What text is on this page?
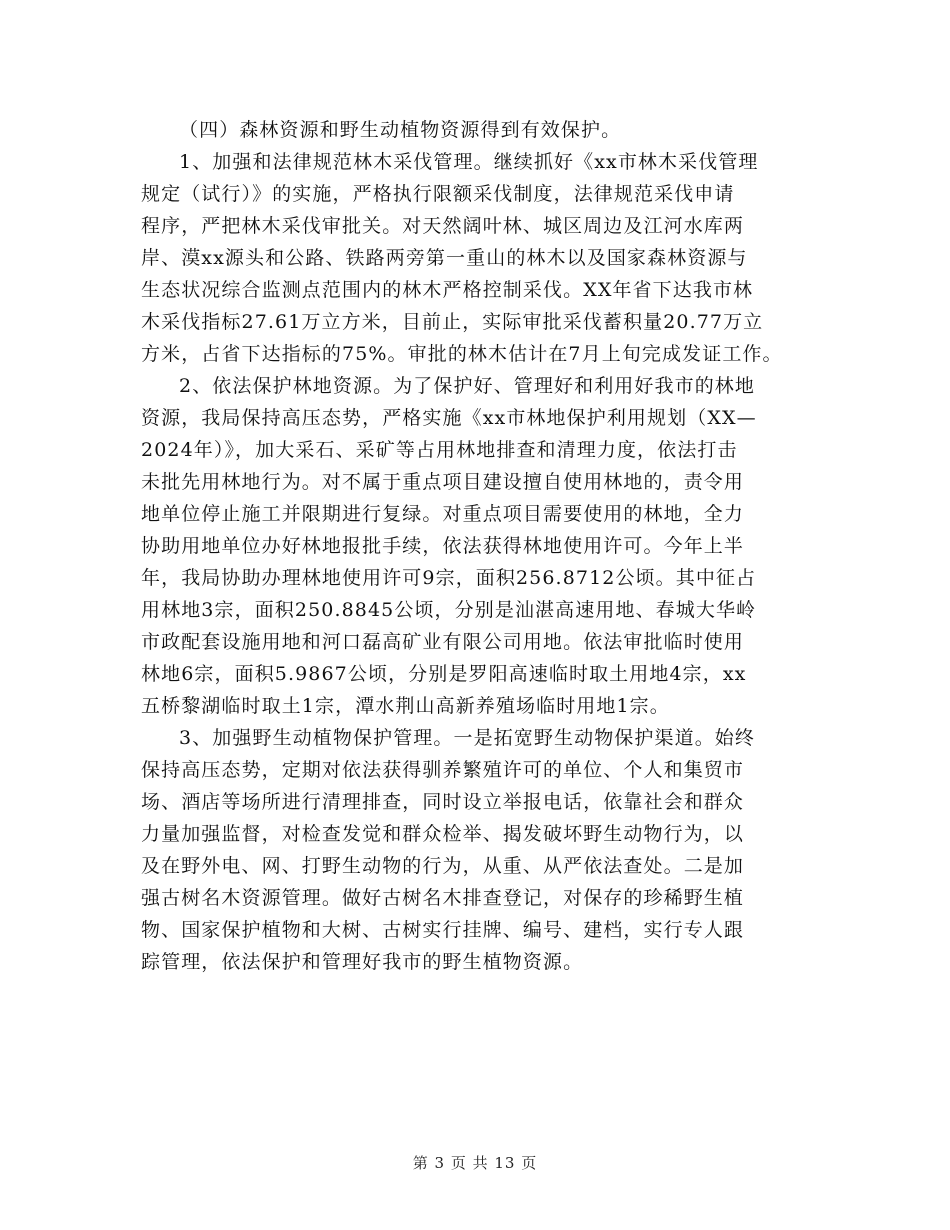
（四）森林资源和野生动植物资源得到有效保护。
1、加强和法律规范林木采伐管理。继续抓好《xx市林木采伐管理
规定（试行）》的实施，严格执行限额采伐制度，法律规范采伐申请
程序，严把林木采伐审批关。对天然阔叶林、城区周边及江河水库两
岸、漠xx源头和公路、铁路两旁第一重山的林木以及国家森林资源与
生态状况综合监测点范围内的林木严格控制采伐。XX年省下达我市林
木采伐指标27.61万立方米，目前止，实际审批采伐蓄积量20.77万立
方米，占省下达指标的75%。审批的林木估计在7月上旬完成发证工作。
2、依法保护林地资源。为了保护好、管理好和利用好我市的林地
资源，我局保持高压态势，严格实施《xx市林地保护利用规划（XX—
2024年）》，加大采石、采矿等占用林地排查和清理力度，依法打击
未批先用林地行为。对不属于重点项目建设擅自使用林地的，责令用
地单位停止施工并限期进行复绿。对重点项目需要使用的林地，全力
协助用地单位办好林地报批手续，依法获得林地使用许可。今年上半
年，我局协助办理林地使用许可9宗，面积256.8712公顷。其中征占
用林地3宗，面积250.8845公顷，分别是汕湛高速用地、春城大华岭
市政配套设施用地和河口磊高矿业有限公司用地。依法审批临时使用
林地6宗，面积5.9867公顷，分别是罗阳高速临时取土用地4宗，xx
五桥黎湖临时取土1宗，潭水荆山高新养殖场临时用地1宗。
3、加强野生动植物保护管理。一是拓宽野生动物保护渠道。始终
保持高压态势，定期对依法获得驯养繁殖许可的单位、个人和集贸市
场、酒店等场所进行清理排查，同时设立举报电话，依靠社会和群众
力量加强监督，对检查发觉和群众检举、揭发破坏野生动物行为，以
及在野外电、网、打野生动物的行为，从重、从严依法查处。二是加
强古树名木资源管理。做好古树名木排查登记，对保存的珍稀野生植
物、国家保护植物和大树、古树实行挂牌、编号、建档，实行专人跟
踪管理，依法保护和管理好我市的野生植物资源。
第 3 页 共 13 页
